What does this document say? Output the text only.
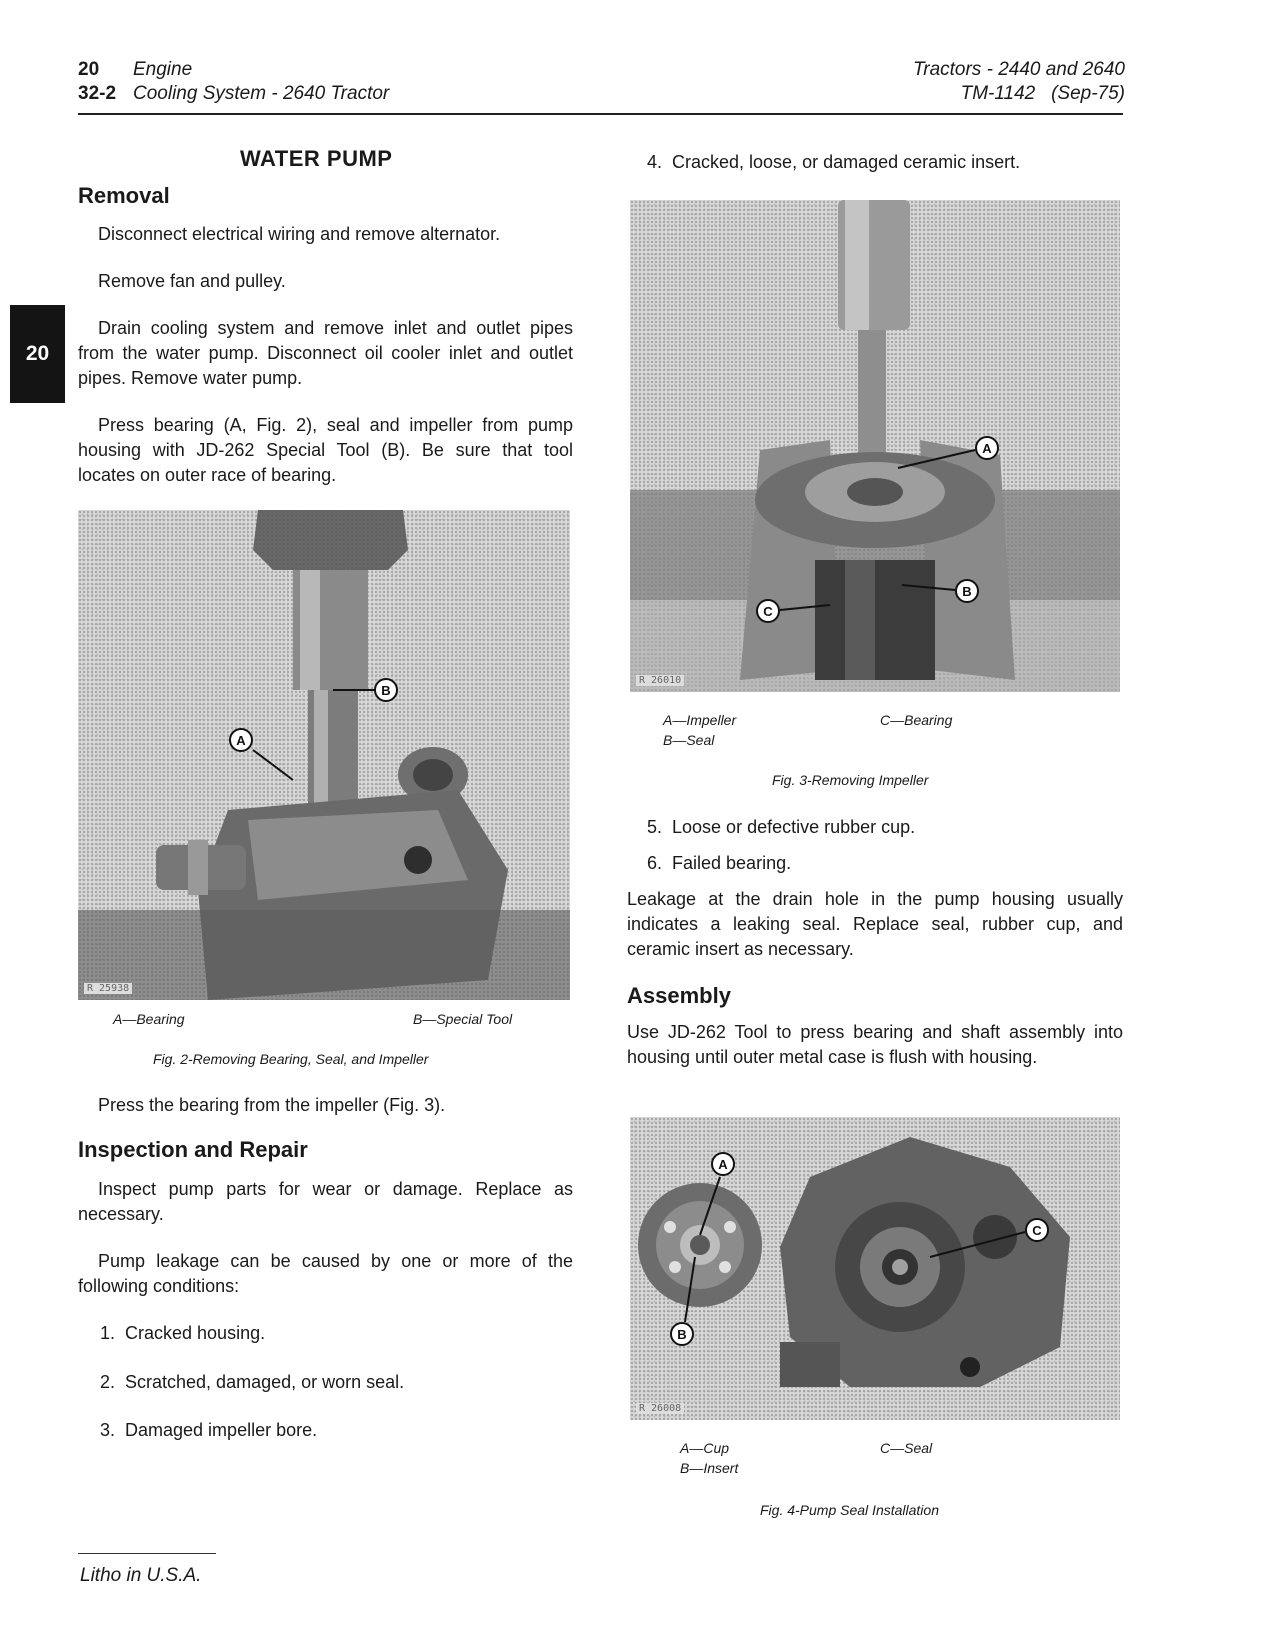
20 Engine
32-2 Cooling System - 2640 Tractor
Tractors - 2440 and 2640
TM-1142   (Sep-75)
20
WATER PUMP
Removal
Disconnect electrical wiring and remove alternator.
Remove fan and pulley.
Drain cooling system and remove inlet and outlet pipes from the water pump. Disconnect oil cooler inlet and outlet pipes. Remove water pump.
Press bearing (A, Fig. 2), seal and impeller from pump housing with JD-262 Special Tool (B). Be sure that tool locates on outer race of bearing.
B
A
R 25938
A—Bearing	B—Special Tool
Fig. 2-Removing Bearing, Seal, and Impeller
Press the bearing from the impeller (Fig. 3).
Inspection and Repair
Inspect pump parts for wear or damage. Replace as necessary.
Pump leakage can be caused by one or more of the following conditions:
1.  Cracked housing.
2.  Scratched, damaged, or worn seal.
3.  Damaged impeller bore.
Litho in U.S.A.
4.  Cracked, loose, or damaged ceramic insert.
A
B
C
R 26010
A—Impeller
B—Seal
C—Bearing
Fig. 3-Removing Impeller
5.  Loose or defective rubber cup.
6.  Failed bearing.
Leakage at the drain hole in the pump housing usually indicates a leaking seal. Replace seal, rubber cup, and ceramic insert as necessary.
Assembly
Use JD-262 Tool to press bearing and shaft assembly into housing until outer metal case is flush with housing.
A
B
C
R 26008
A—Cup
B—Insert
C—Seal
Fig. 4-Pump Seal Installation
